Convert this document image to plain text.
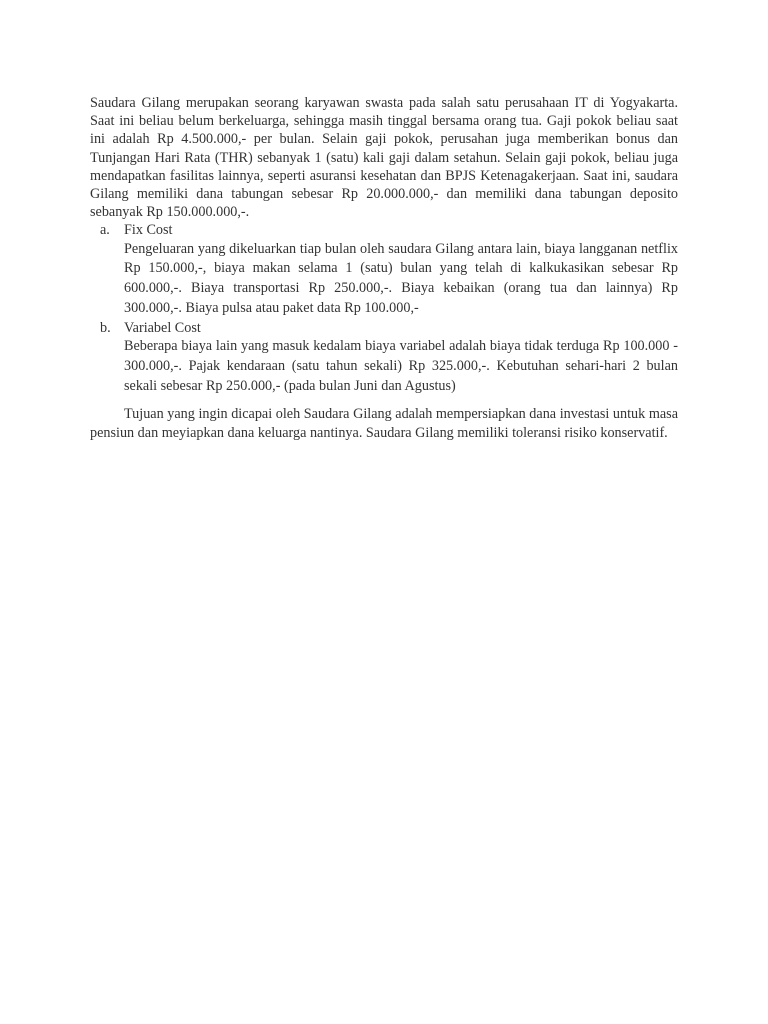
Saudara Gilang merupakan seorang karyawan swasta pada salah satu perusahaan IT di Yogyakarta. Saat ini beliau belum berkeluarga, sehingga masih tinggal bersama orang tua. Gaji pokok beliau saat ini adalah Rp 4.500.000,- per bulan. Selain gaji pokok, perusahan juga memberikan bonus dan Tunjangan Hari Rata (THR) sebanyak 1 (satu) kali gaji dalam setahun. Selain gaji pokok, beliau juga mendapatkan fasilitas lainnya, seperti asuransi kesehatan dan BPJS Ketenagakerjaan. Saat ini, saudara Gilang memiliki dana tabungan sebesar Rp 20.000.000,- dan memiliki dana tabungan deposito sebanyak Rp 150.000.000,-.

a. Fix Cost

Pengeluaran yang dikeluarkan tiap bulan oleh saudara Gilang antara lain, biaya langganan netflix Rp 150.000,-, biaya makan selama 1 (satu) bulan yang telah di kalkukasikan sebesar Rp 600.000,-. Biaya transportasi Rp 250.000,-. Biaya kebaikan (orang tua dan lainnya) Rp 300.000,-. Biaya pulsa atau paket data Rp 100.000,-

b. Variabel Cost

Beberapa biaya lain yang masuk kedalam biaya variabel adalah biaya tidak terduga Rp 100.000 - 300.000,-. Pajak kendaraan (satu tahun sekali) Rp 325.000,-. Kebutuhan sehari-hari 2 bulan sekali sebesar Rp 250.000,- (pada bulan Juni dan Agustus)

Tujuan yang ingin dicapai oleh Saudara Gilang adalah mempersiapkan dana investasi untuk masa pensiun dan meyiapkan dana keluarga nantinya. Saudara Gilang memiliki toleransi risiko konservatif.
